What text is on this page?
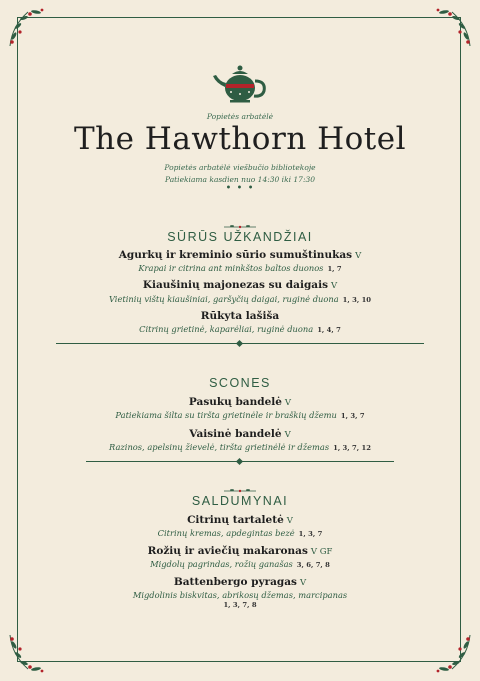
Popietės arbatėlė
The Hawthorn Hotel
Popietės arbatėlė viešbučio bibliotekoje
Patiekiama kasdien nuo 14:30 iki 17:30
• • •
SŪRŪS UŽKANDŽIAI
Agurkų ir kreminio sūrio sumuštinukas V
Krapai ir citrina ant minkštos baltos duonos 1, 7
Kiaušinių majonezas su daigais V
Vietinių vištų kiaušiniai, garšyčių daigai, ruginė duona 1, 3, 10
Rūkyta lašiša
Citrinų grietinė, kaparėliai, ruginė duona 1, 4, 7
SCONES
Pasukų bandelė V
Patiekiama šilta su tiršta grietinėle ir braškių džemu 1, 3, 7
Vaisinė bandelė V
Razinos, apelsinų žievelė, tiršta grietinėlė ir džemas 1, 3, 7, 12
SALDUMYNAI
Citrinų tartaletė V
Citrinų kremas, apdegintas bezė 1, 3, 7
Rožių ir aviečių makaronas V GF
Migdolų pagrindas, rožių ganašas 3, 6, 7, 8
Battenbergo pyragas V
Migdolinis biskvitas, abrikosų džemas, marcipanas
1, 3, 7, 8
